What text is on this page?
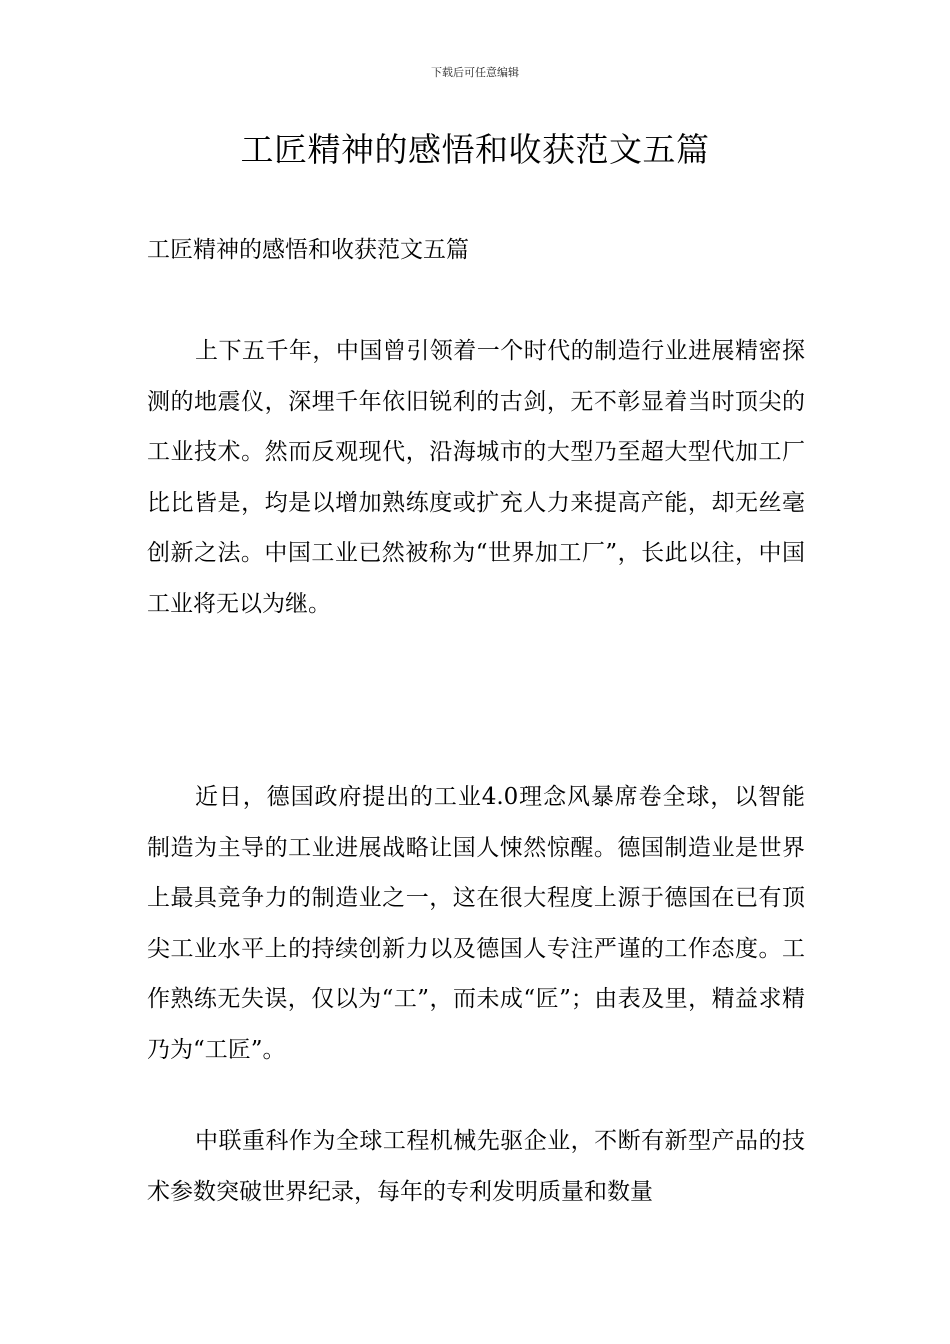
下载后可任意编辑
工匠精神的感悟和收获范文五篇

工匠精神的感悟和收获范文五篇

上下五千年，中国曾引领着一个时代的制造行业进展精密探测的地震仪，深埋千年依旧锐利的古剑，无不彰显着当时顶尖的工业技术。然而反观现代，沿海城市的大型乃至超大型代加工厂比比皆是，均是以增加熟练度或扩充人力来提高产能，却无丝毫创新之法。中国工业已然被称为“世界加工厂”，长此以往，中国工业将无以为继。

近日，德国政府提出的工业4.0理念风暴席卷全球，以智能制造为主导的工业进展战略让国人悚然惊醒。德国制造业是世界上最具竞争力的制造业之一，这在很大程度上源于德国在已有顶尖工业水平上的持续创新力以及德国人专注严谨的工作态度。工作熟练无失误，仅以为“工”，而未成“匠”；由表及里，精益求精乃为“工匠”。

中联重科作为全球工程机械先驱企业，不断有新型产品的技术参数突破世界纪录，每年的专利发明质量和数量
